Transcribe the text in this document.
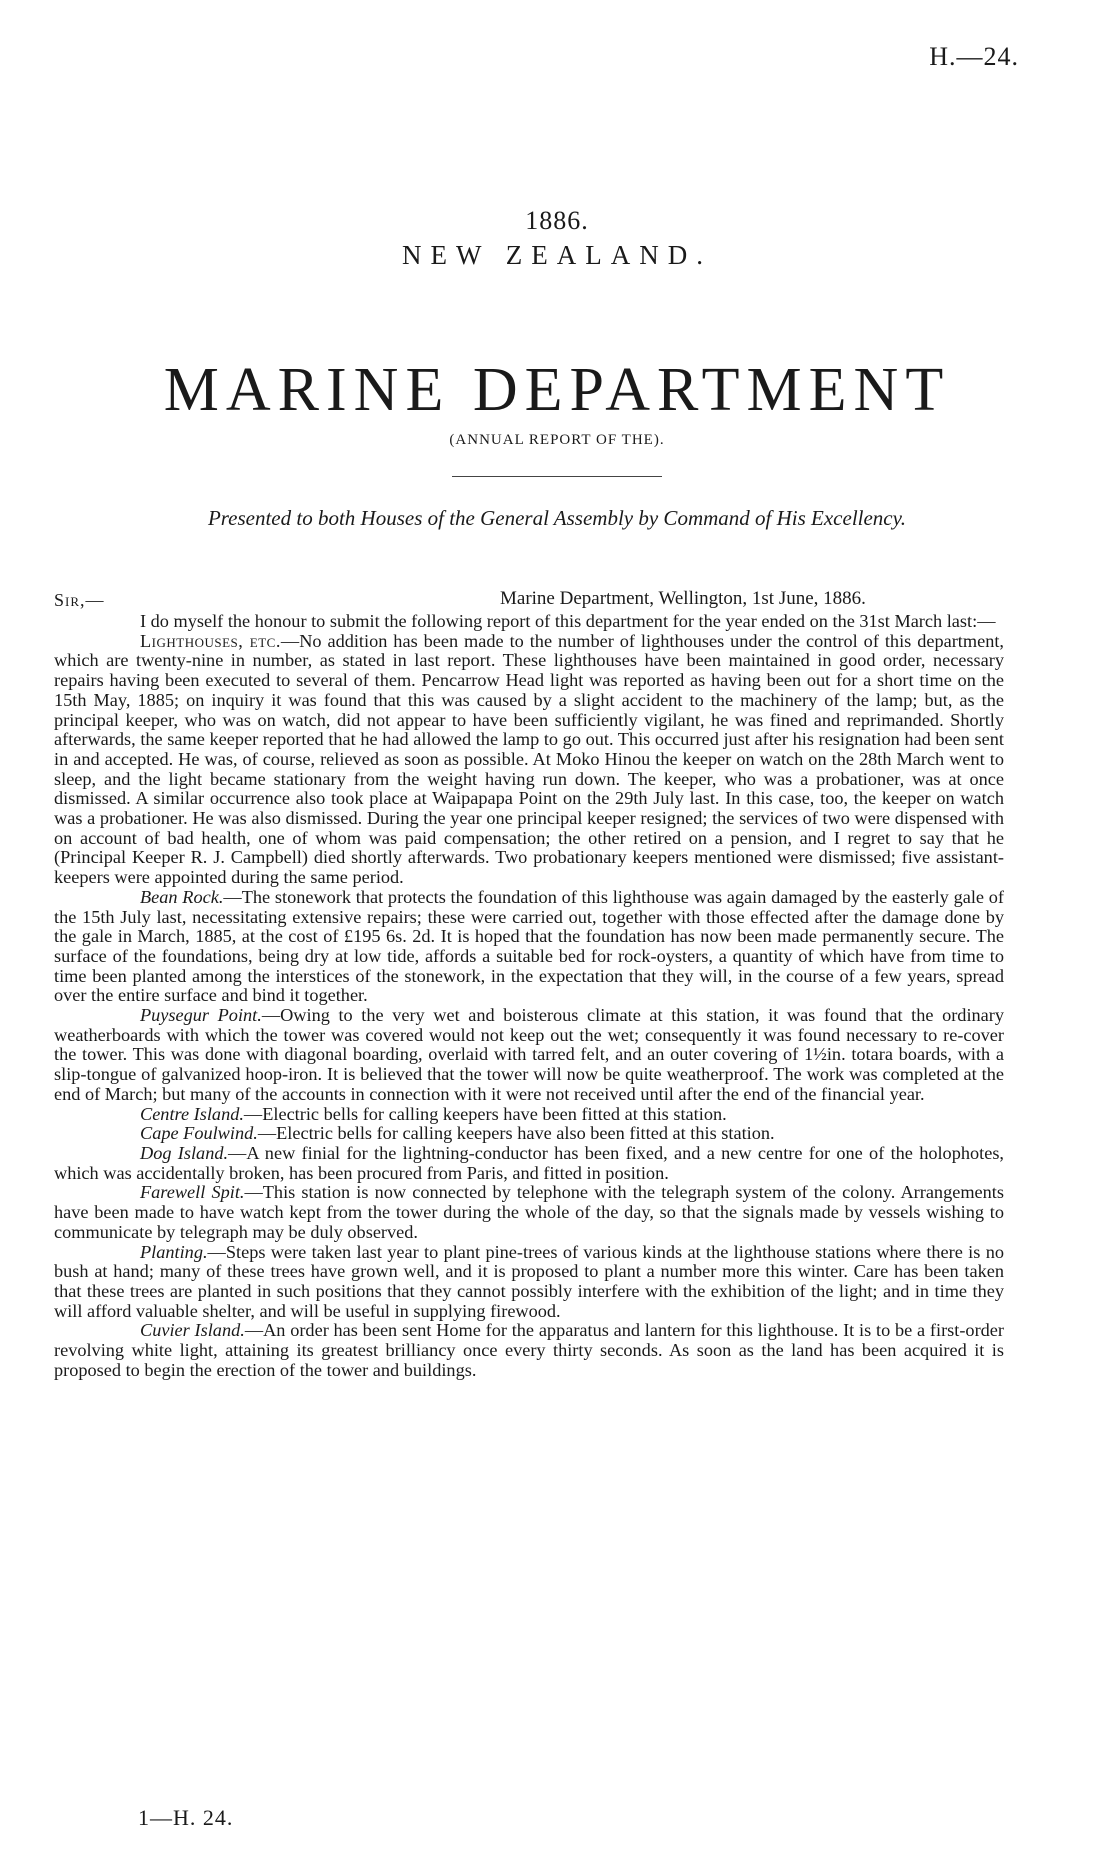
H.—24.
1886.
NEW ZEALAND.
MARINE DEPARTMENT
(ANNUAL REPORT OF THE).
Presented to both Houses of the General Assembly by Command of His Excellency.
Sir,—	Marine Department, Wellington, 1st June, 1886.

I do myself the honour to submit the following report of this department for the year ended on the 31st March last:—

Lighthouses, etc.—No addition has been made to the number of lighthouses under the control of this department, which are twenty-nine in number, as stated in last report. These lighthouses have been maintained in good order, necessary repairs having been executed to several of them. Pencarrow Head light was reported as having been out for a short time on the 15th May, 1885; on inquiry it was found that this was caused by a slight accident to the machinery of the lamp; but, as the principal keeper, who was on watch, did not appear to have been sufficiently vigilant, he was fined and reprimanded. Shortly afterwards, the same keeper reported that he had allowed the lamp to go out. This occurred just after his resignation had been sent in and accepted. He was, of course, relieved as soon as possible. At Moko Hinou the keeper on watch on the 28th March went to sleep, and the light became stationary from the weight having run down. The keeper, who was a probationer, was at once dismissed. A similar occurrence also took place at Waipapapa Point on the 29th July last. In this case, too, the keeper on watch was a probationer. He was also dismissed. During the year one principal keeper resigned; the services of two were dispensed with on account of bad health, one of whom was paid compensation; the other retired on a pension, and I regret to say that he (Principal Keeper R. J. Campbell) died shortly afterwards. Two probationary keepers mentioned were dismissed; five assistant-keepers were appointed during the same period.

Bean Rock.—The stonework that protects the foundation of this lighthouse was again damaged by the easterly gale of the 15th July last, necessitating extensive repairs; these were carried out, together with those effected after the damage done by the gale in March, 1885, at the cost of £195 6s. 2d. It is hoped that the foundation has now been made permanently secure. The surface of the foundations, being dry at low tide, affords a suitable bed for rock-oysters, a quantity of which have from time to time been planted among the interstices of the stonework, in the expectation that they will, in the course of a few years, spread over the entire surface and bind it together.

Puysegur Point.—Owing to the very wet and boisterous climate at this station, it was found that the ordinary weatherboards with which the tower was covered would not keep out the wet; consequently it was found necessary to re-cover the tower. This was done with diagonal boarding, overlaid with tarred felt, and an outer covering of 1½in. totara boards, with a slip-tongue of galvanized hoop-iron. It is believed that the tower will now be quite weatherproof. The work was completed at the end of March; but many of the accounts in connection with it were not received until after the end of the financial year.

Centre Island.—Electric bells for calling keepers have been fitted at this station.

Cape Foulwind.—Electric bells for calling keepers have also been fitted at this station.

Dog Island.—A new finial for the lightning-conductor has been fixed, and a new centre for one of the holophotes, which was accidentally broken, has been procured from Paris, and fitted in position.

Farewell Spit.—This station is now connected by telephone with the telegraph system of the colony. Arrangements have been made to have watch kept from the tower during the whole of the day, so that the signals made by vessels wishing to communicate by telegraph may be duly observed.

Planting.—Steps were taken last year to plant pine-trees of various kinds at the lighthouse stations where there is no bush at hand; many of these trees have grown well, and it is proposed to plant a number more this winter. Care has been taken that these trees are planted in such positions that they cannot possibly interfere with the exhibition of the light; and in time they will afford valuable shelter, and will be useful in supplying firewood.

Cuvier Island.—An order has been sent Home for the apparatus and lantern for this lighthouse. It is to be a first-order revolving white light, attaining its greatest brilliancy once every thirty seconds. As soon as the land has been acquired it is proposed to begin the erection of the tower and buildings.

1—H. 24.
